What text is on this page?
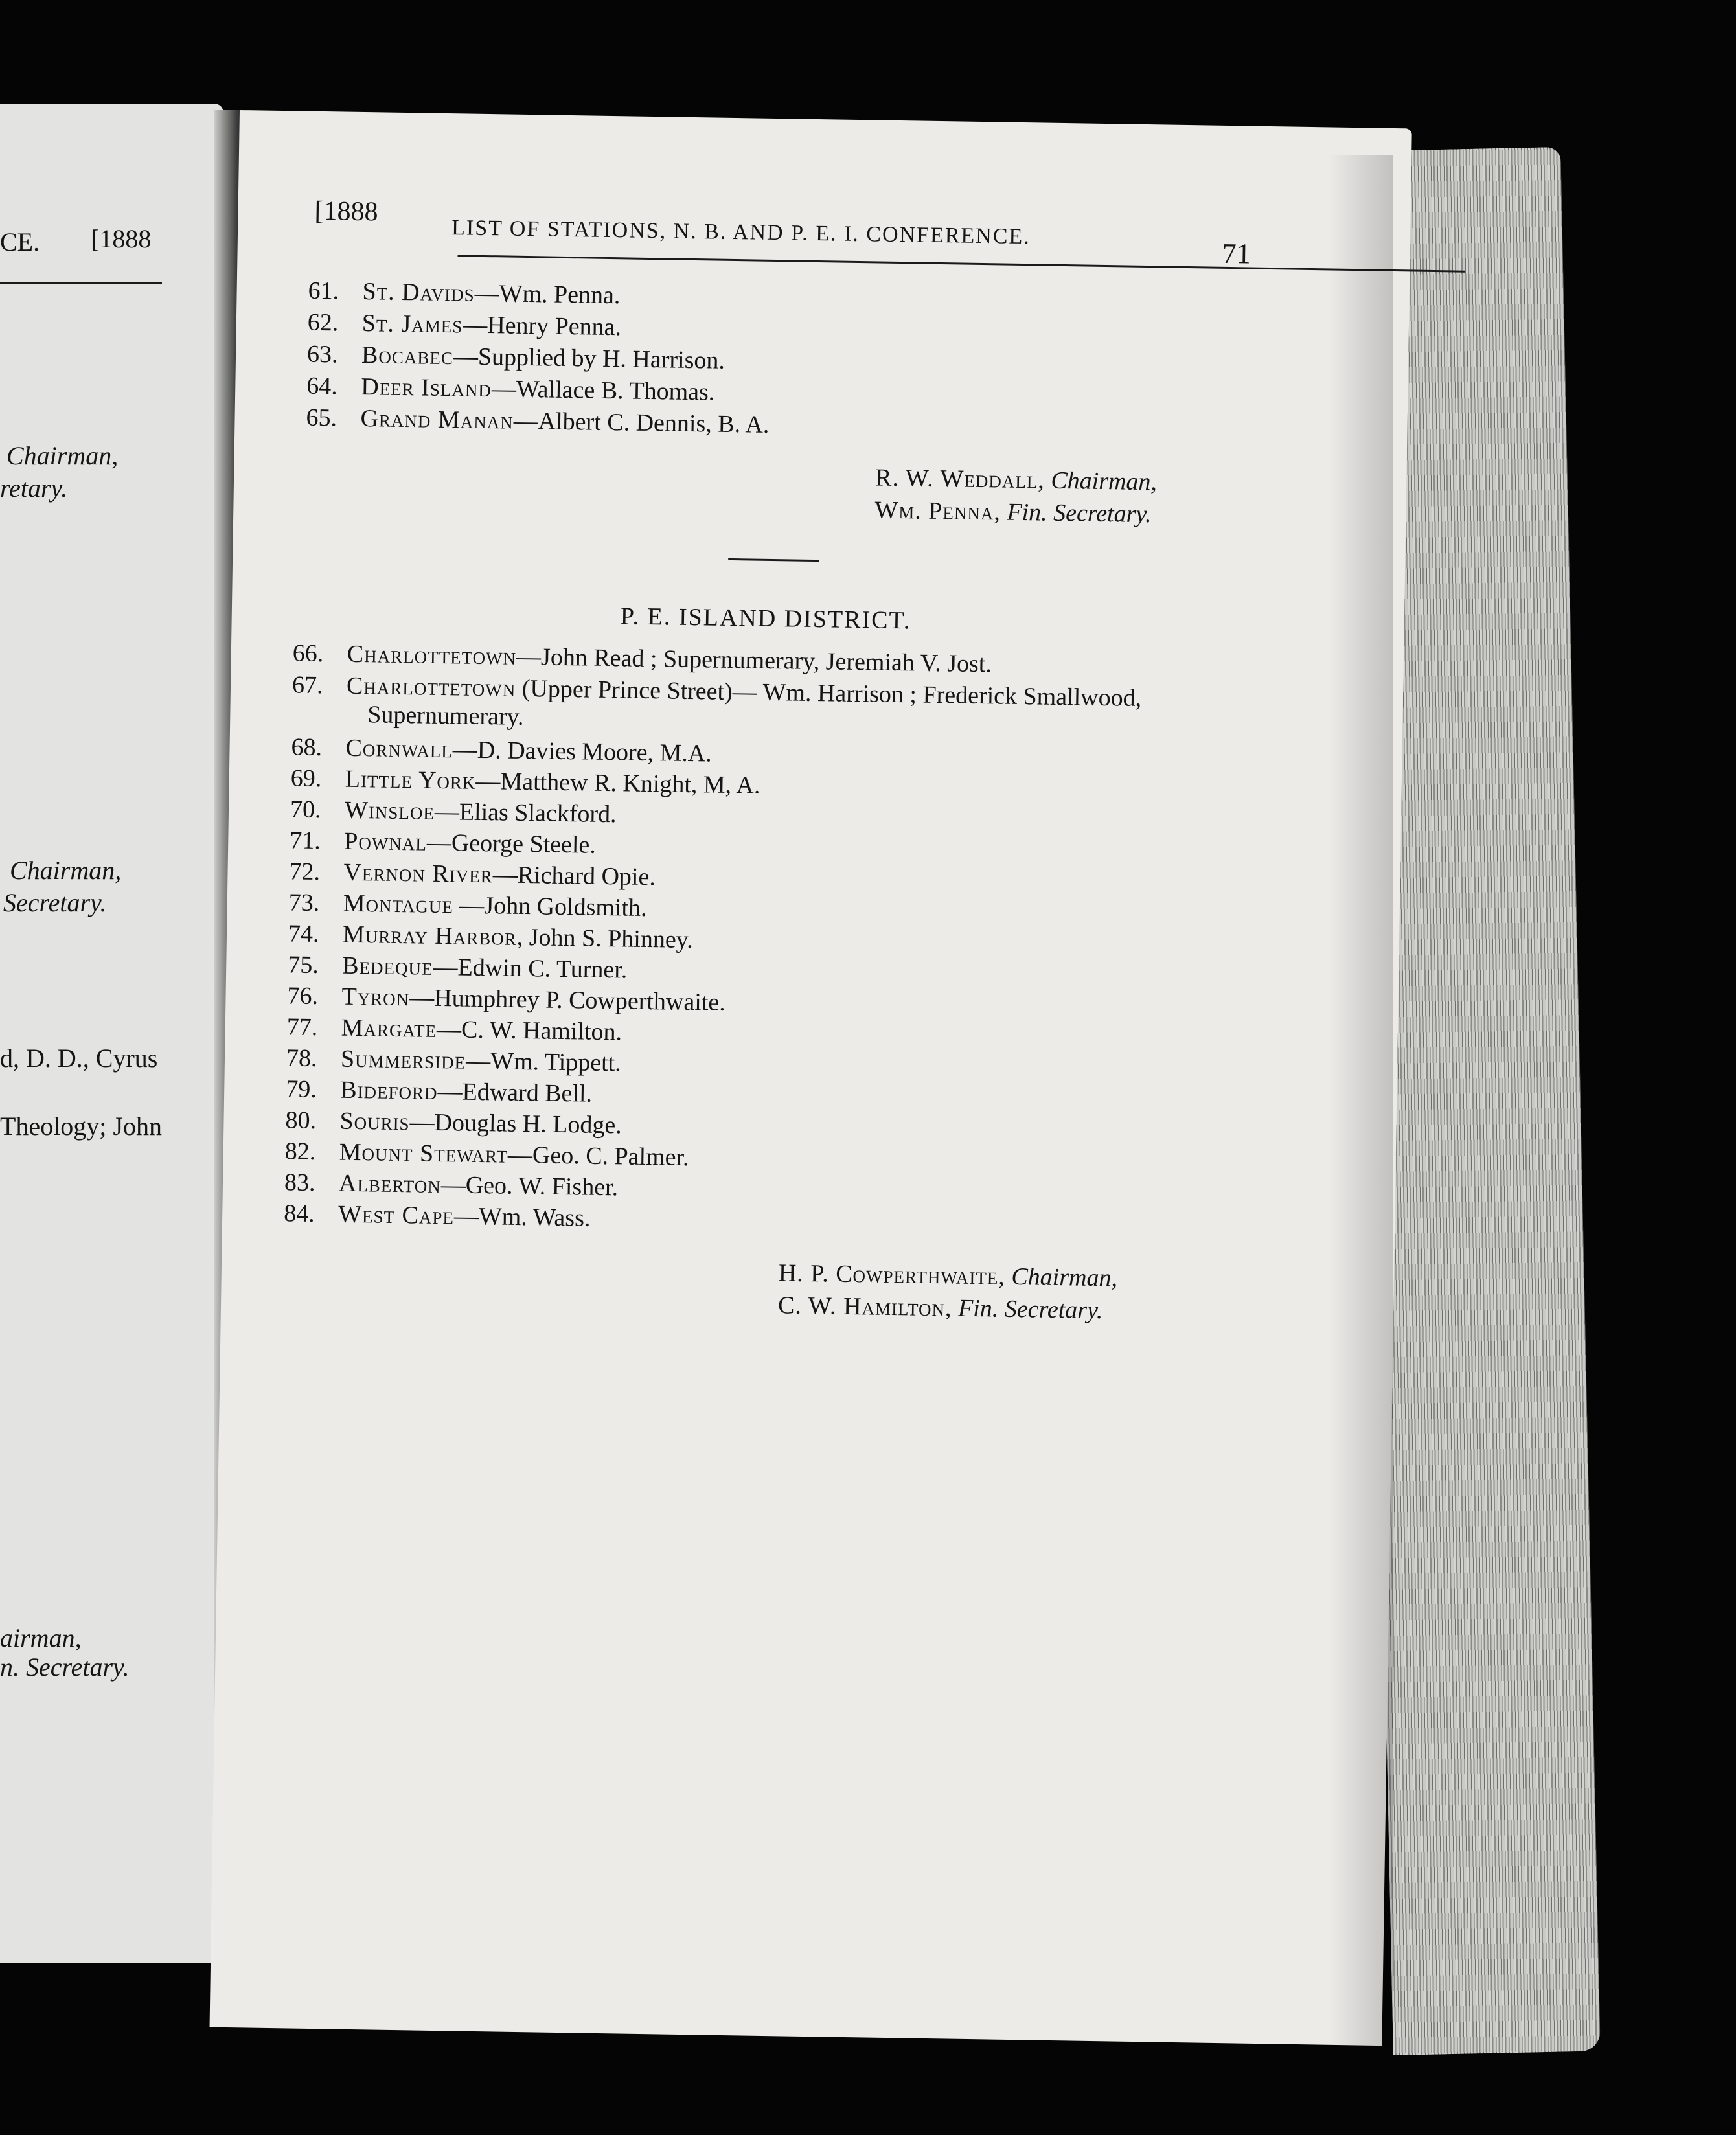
CE. [1888
Chairman,
retary.
Chairman,
Secretary.
d, D. D., Cyrus
Theology; John
airman,
n. Secretary.
[1888
LIST OF STATIONS, N. B. AND P. E. I. CONFERENCE.
71
61. St. Davids—Wm. Penna.
62. St. James—Henry Penna.
63. Bocabec—Supplied by H. Harrison.
64. Deer Island—Wallace B. Thomas.
65. Grand Manan—Albert C. Dennis, B. A.
R. W. Weddall, Chairman,
Wm. Penna, Fin. Secretary.
P. E. ISLAND DISTRICT.
66. Charlottetown—John Read ; Supernumerary, Jeremiah V. Jost.
67. Charlottetown (Upper Prince Street)— Wm. Harrison ; Frederick Smallwood,
Supernumerary.
68. Cornwall—D. Davies Moore, M.A.
69. Little York—Matthew R. Knight, M, A.
70. Winsloe—Elias Slackford.
71. Pownal—George Steele.
72. Vernon River—Richard Opie.
73. Montague —John Goldsmith.
74. Murray Harbor, John S. Phinney.
75. Bedeque—Edwin C. Turner.
76. Tyron—Humphrey P. Cowperthwaite.
77. Margate—C. W. Hamilton.
78. Summerside—Wm. Tippett.
79. Bideford—Edward Bell.
80. Souris—Douglas H. Lodge.
82. Mount Stewart—Geo. C. Palmer.
83. Alberton—Geo. W. Fisher.
84. West Cape—Wm. Wass.
H. P. Cowperthwaite, Chairman,
C. W. Hamilton, Fin. Secretary.
